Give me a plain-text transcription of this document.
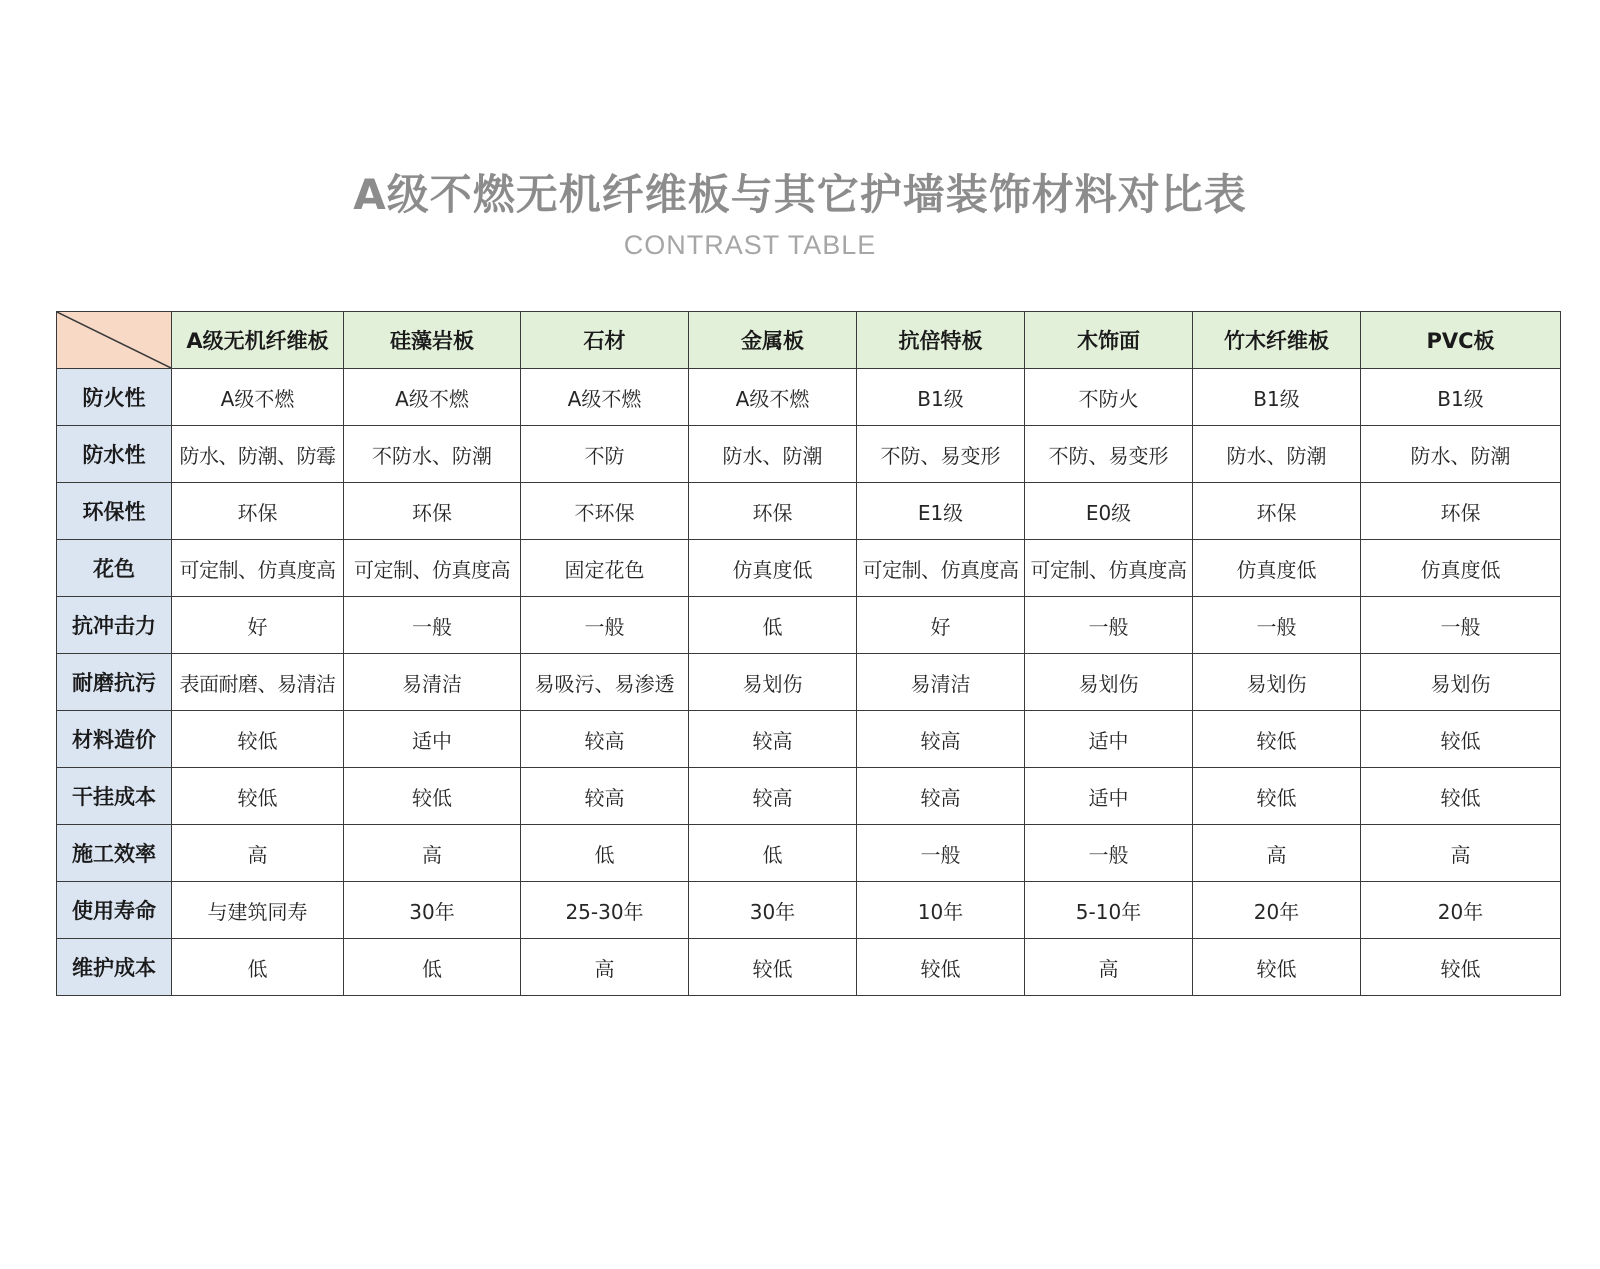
A级不燃无机纤维板与其它护墙装饰材料对比表
CONTRAST TABLE
	A级无机纤维板	硅藻岩板	石材	金属板	抗倍特板	木饰面	竹木纤维板	PVC板
防火性	A级不燃	A级不燃	A级不燃	A级不燃	B1级	不防火	B1级	B1级
防水性	防水、防潮、防霉	不防水、防潮	不防	防水、防潮	不防、易变形	不防、易变形	防水、防潮	防水、防潮
环保性	环保	环保	不环保	环保	E1级	E0级	环保	环保
花色	可定制、仿真度高	可定制、仿真度高	固定花色	仿真度低	可定制、仿真度高	可定制、仿真度高	仿真度低	仿真度低
抗冲击力	好	一般	一般	低	好	一般	一般	一般
耐磨抗污	表面耐磨、易清洁	易清洁	易吸污、易渗透	易划伤	易清洁	易划伤	易划伤	易划伤
材料造价	较低	适中	较高	较高	较高	适中	较低	较低
干挂成本	较低	较低	较高	较高	较高	适中	较低	较低
施工效率	高	高	低	低	一般	一般	高	高
使用寿命	与建筑同寿	30年	25-30年	30年	10年	5-10年	20年	20年
维护成本	低	低	高	较低	较低	高	较低	较低
